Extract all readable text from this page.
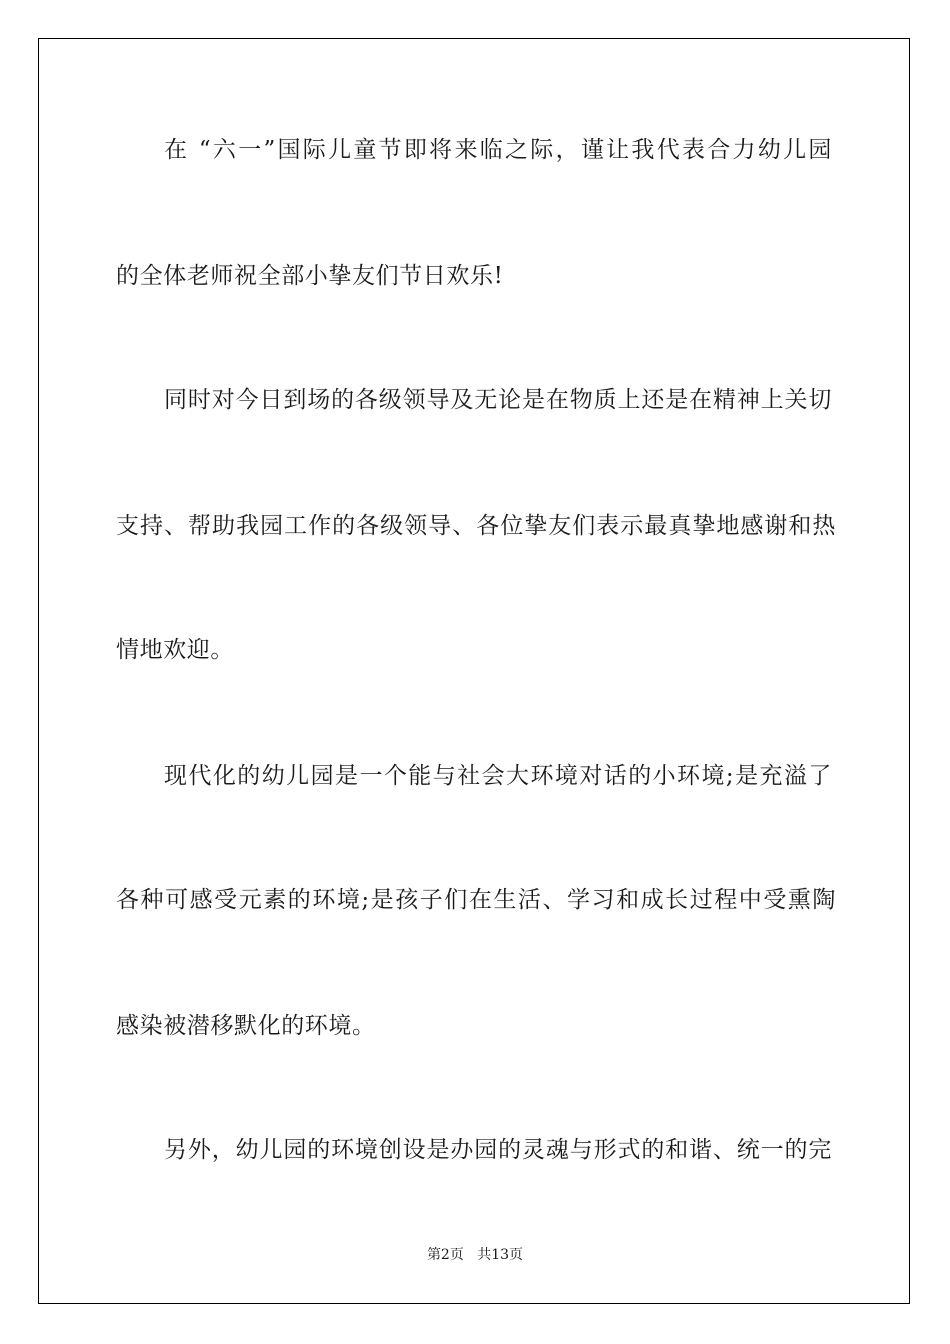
在 “六一”国际儿童节即将来临之际，谨让我代表合力幼儿园
的全体老师祝全部小挚友们节日欢乐!
同时对今日到场的各级领导及无论是在物质上还是在精神上关切
支持、帮助我园工作的各级领导、各位挚友们表示最真挚地感谢和热
情地欢迎。
现代化的幼儿园是一个能与社会大环境对话的小环境;是充溢了
各种可感受元素的环境;是孩子们在生活、学习和成长过程中受熏陶
感染被潜移默化的环境。
另外，幼儿园的环境创设是办园的灵魂与形式的和谐、统一的完
第2页 共13页
